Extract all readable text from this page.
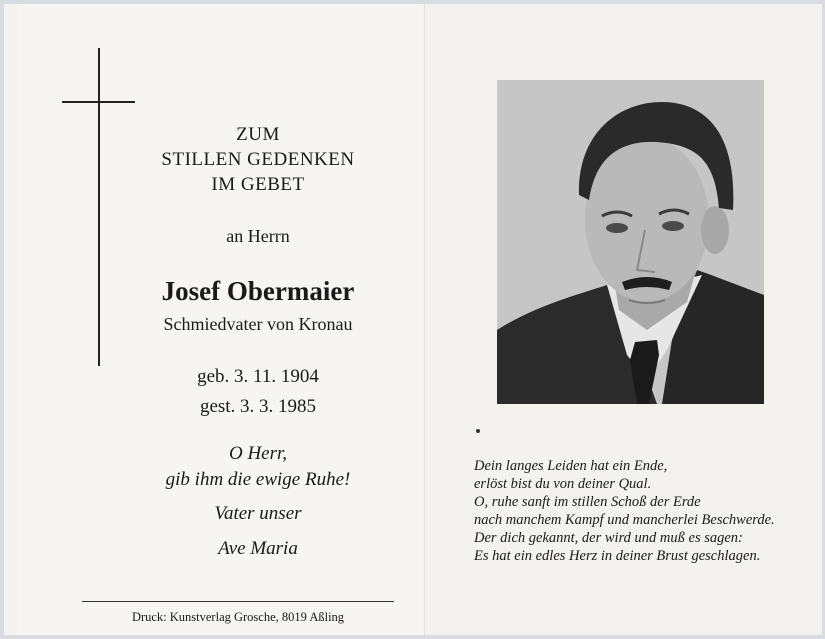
ZUM
STILLEN GEDENKEN
IM GEBET
an Herrn
Josef Obermaier
Schmiedvater von Kronau
geb. 3. 11. 1904
gest. 3. 3. 1985
O Herr,
gib ihm die ewige Ruhe!
Vater unser
Ave Maria
Druck: Kunstverlag Grosche, 8019 Aßling
Dein langes Leiden hat ein Ende,
erlöst bist du von deiner Qual.
O, ruhe sanft im stillen Schoß der Erde
nach manchem Kampf und mancherlei Beschwerde.
Der dich gekannt, der wird und muß es sagen:
Es hat ein edles Herz in deiner Brust geschlagen.
